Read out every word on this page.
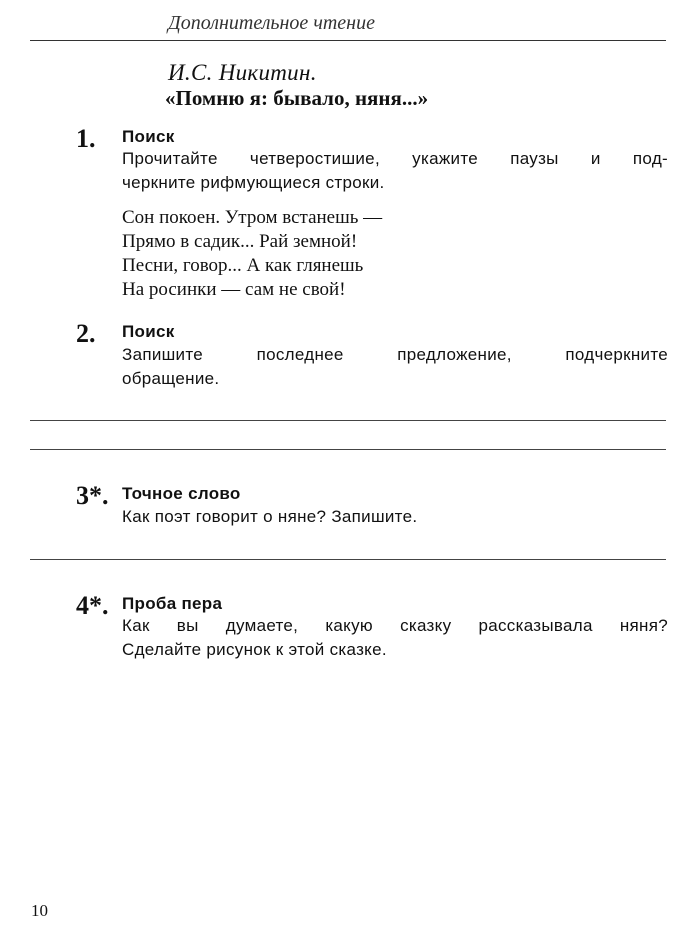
Дополнительное чтение
И.С. Никитин.
«Помню я: бывало, няня...»
1. Поиск
Прочитайте четверостишие, укажите паузы и под-
черкните рифмующиеся строки.
Сон покоен. Утром встанешь —
Прямо в садик... Рай земной!
Песни, говор... А как глянешь
На росинки — сам не свой!
2. Поиск
Запишите последнее предложение, подчеркните
обращение.
3*. Точное слово
Как поэт говорит о няне? Запишите.
4*. Проба пера
Как вы думаете, какую сказку рассказывала няня?
Сделайте рисунок к этой сказке.
10
